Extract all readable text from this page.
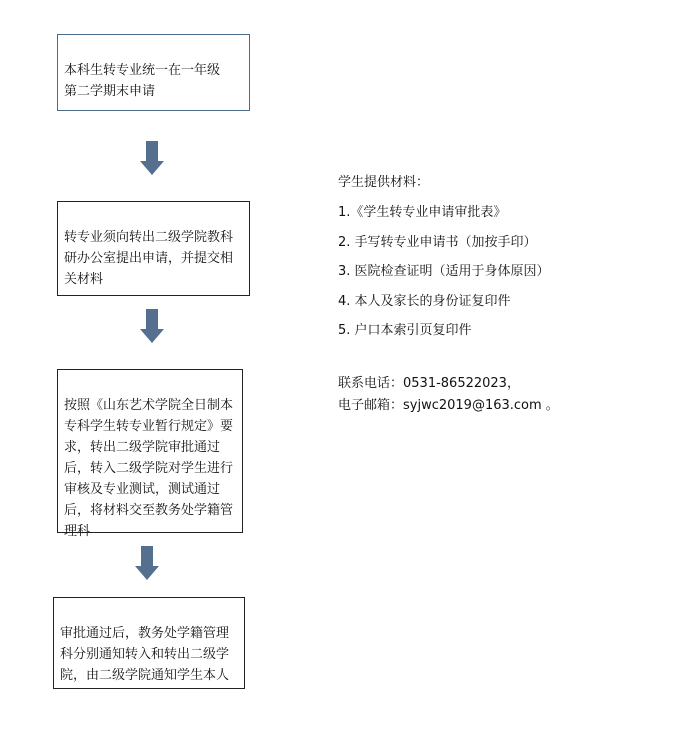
本科生转专业统一在一年级
第二学期末申请

转专业须向转出二级学院教科研办公室提出申请，并提交相关材料

按照《山东艺术学院全日制本专科学生转专业暂行规定》要求，转出二级学院审批通过后，转入二级学院对学生进行审核及专业测试，测试通过后，将材料交至教务处学籍管理科

审批通过后，教务处学籍管理科分别通知转入和转出二级学院，由二级学院通知学生本人

学生提供材料：
1.《学生转专业申请审批表》
2. 手写转专业申请书（加按手印）
3. 医院检查证明（适用于身体原因）
4. 本人及家长的身份证复印件
5. 户口本索引页复印件
联系电话：0531-86522023，
电子邮箱：syjwc2019@163.com 。
